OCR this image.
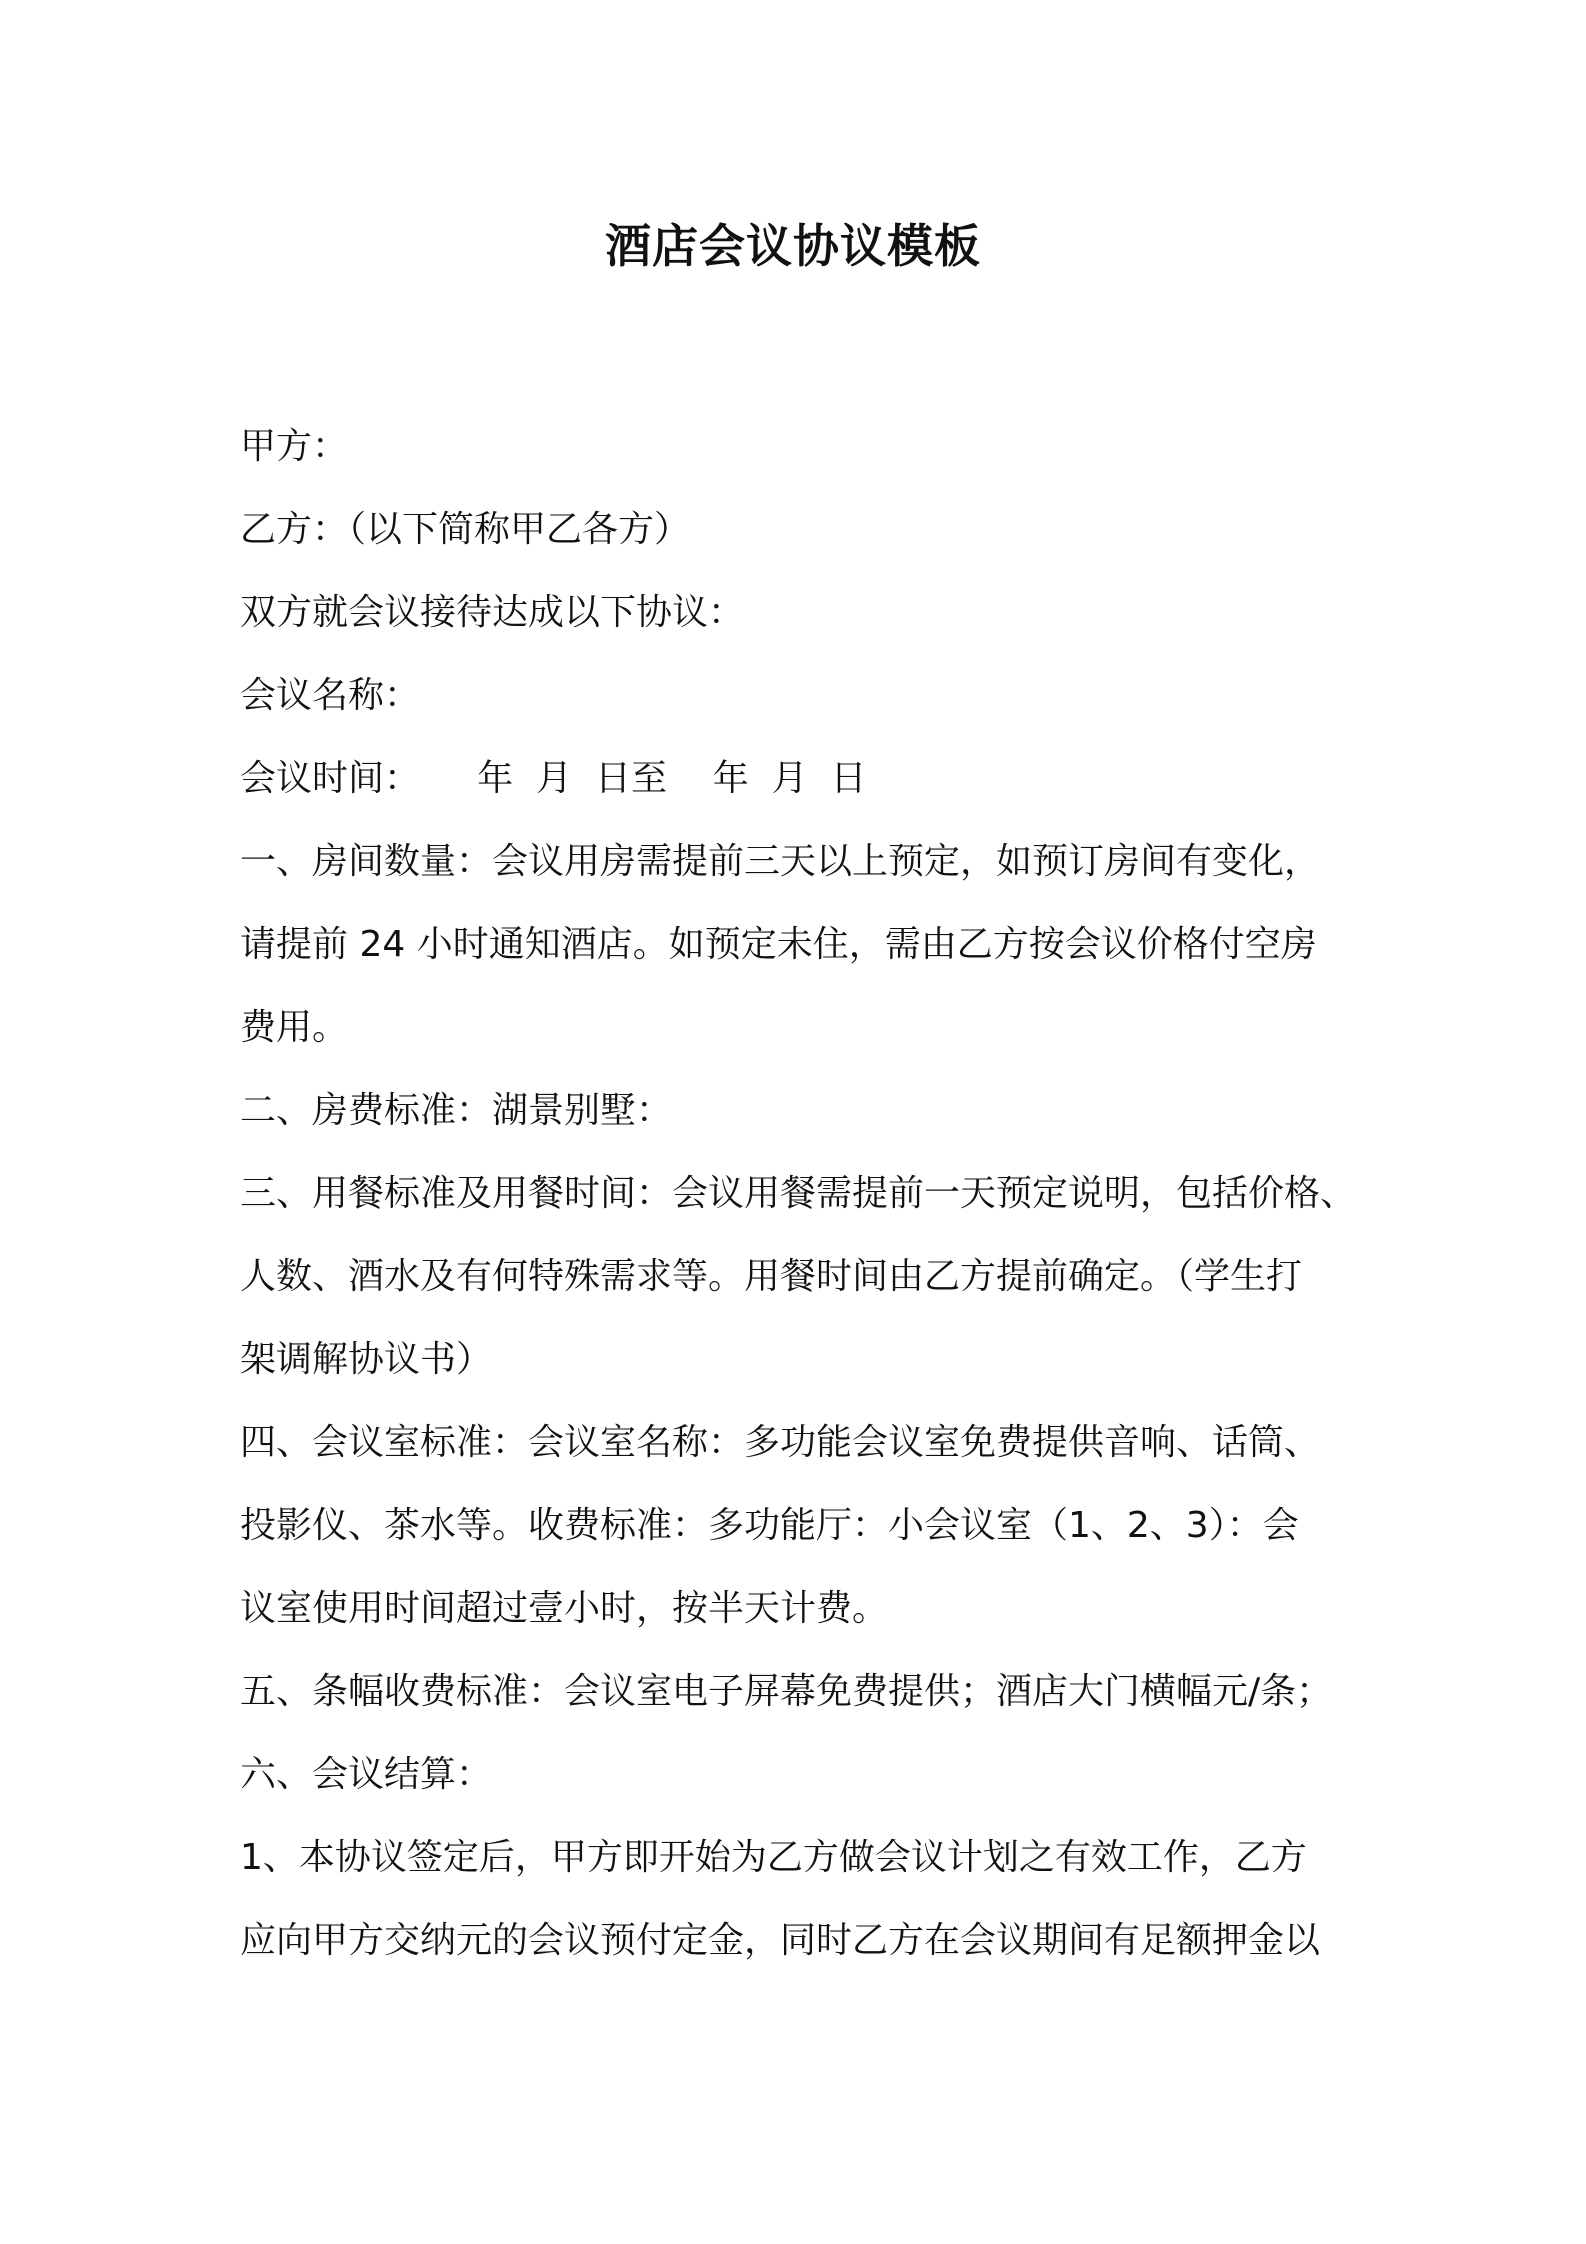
酒店会议协议模板

甲方：

乙方：（以下简称甲乙各方）

双方就会议接待达成以下协议：

会议名称：

会议时间：     年  月  日至    年  月  日

一、房间数量：会议用房需提前三天以上预定，如预订房间有变化，

请提前 24 小时通知酒店。如预定未住，需由乙方按会议价格付空房

费用。

二、房费标准：湖景别墅：

三、用餐标准及用餐时间：会议用餐需提前一天预定说明，包括价格、

人数、酒水及有何特殊需求等。用餐时间由乙方提前确定。（学生打

架调解协议书）

四、会议室标准：会议室名称：多功能会议室免费提供音响、话筒、

投影仪、茶水等。收费标准：多功能厅：小会议室（1、2、3）：会

议室使用时间超过壹小时，按半天计费。

五、条幅收费标准：会议室电子屏幕免费提供；酒店大门横幅元/条；

六、会议结算：

1、本协议签定后，甲方即开始为乙方做会议计划之有效工作，乙方

应向甲方交纳元的会议预付定金，同时乙方在会议期间有足额押金以
